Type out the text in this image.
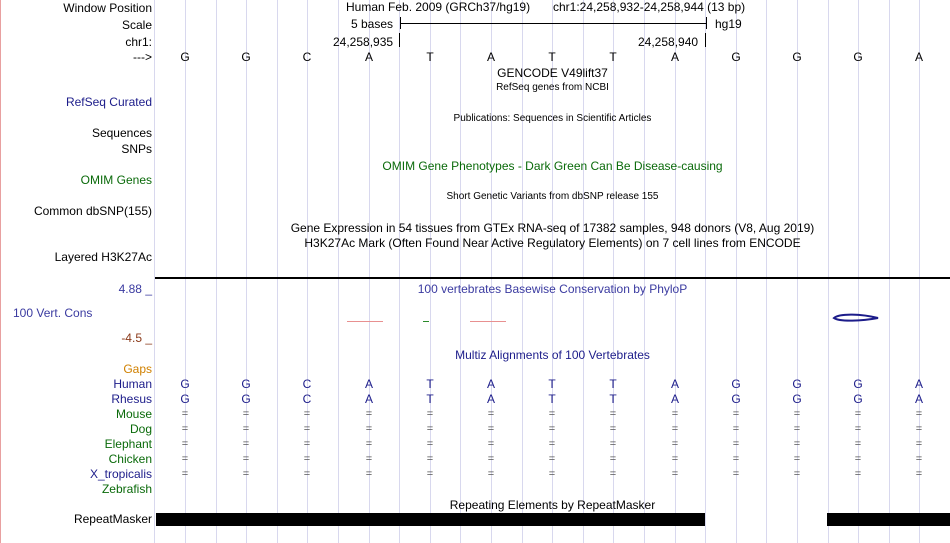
Window Position
Scale
chr1:
--->
Human Feb. 2009 (GRCh37/hg19) chr1:24,258,932-24,258,944 (13 bp)
5 bases	hg19
24,258,935	24,258,940
G	G	C	A	T	A	T	T	A	G	G	G	A
GENCODE V49lift37
RefSeq genes from NCBI
RefSeq Curated
Publications: Sequences in Scientific Articles
Sequences
SNPs
OMIM Gene Phenotypes - Dark Green Can Be Disease-causing
OMIM Genes
Short Genetic Variants from dbSNP release 155
Common dbSNP(155)
Gene Expression in 54 tissues from GTEx RNA-seq of 17382 samples, 948 donors (V8, Aug 2019)
H3K27Ac Mark (Often Found Near Active Regulatory Elements) on 7 cell lines from ENCODE
Layered H3K27Ac
4.88 _	100 vertebrates Basewise Conservation by PhyloP
100 Vert. Cons
-4.5 _
Multiz Alignments of 100 Vertebrates
Gaps
Human G	G	C	A	T	A	T	T	A	G	G	G	A
Rhesus G	G	C	A	T	A	T	T	A	G	G	G	A
Mouse	=	=	=	=	=	=	=	=	=	=	=	=	=
Dog	=	=	=	=	=	=	=	=	=	=	=	=	=
Elephant	=	=	=	=	=	=	=	=	=	=	=	=	=
Chicken	=	=	=	=	=	=	=	=	=	=	=	=	=
X_tropicalis	=	=	=	=	=	=	=	=	=	=	=	=	=
Zebrafish
Repeating Elements by RepeatMasker
RepeatMasker
